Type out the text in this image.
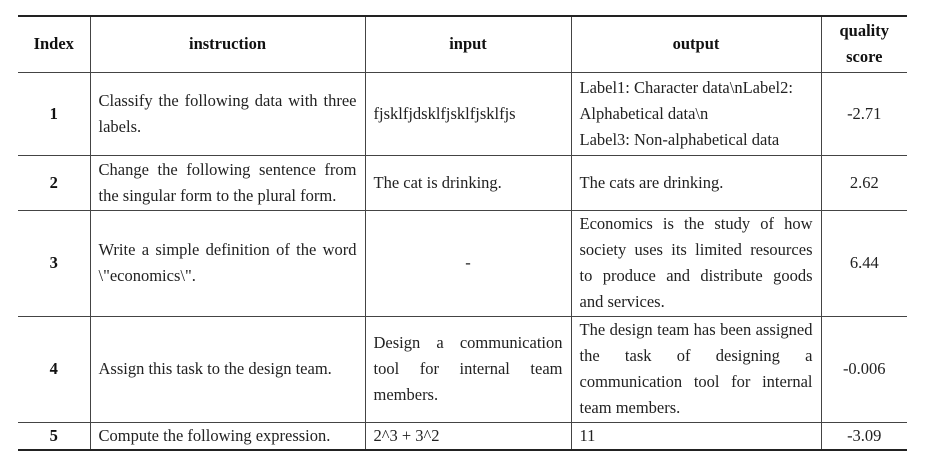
Index	instruction	input	output	quality
score
1	Classify the following data with three labels.	fjsklfjdsklfjsklfjsklfjs	Label1: Character data\nLabel2: Alphabetical data\n
Label3: Non-alphabetical data	-2.71
2	Change the following sentence from the singular form to the plural form.	The cat is drinking.	The cats are drinking.	2.62
3	Write a simple definition of the word \"economics\".	-	Economics is the study of how society uses its limited resources to produce and distribute goods and services.	6.44
4	Assign this task to the design team.	Design a communication tool for internal team members.	The design team has been assigned the task of designing a communication tool for internal team members.	-0.006
5	Compute the following expression.	2^3 + 3^2	11	-3.09
